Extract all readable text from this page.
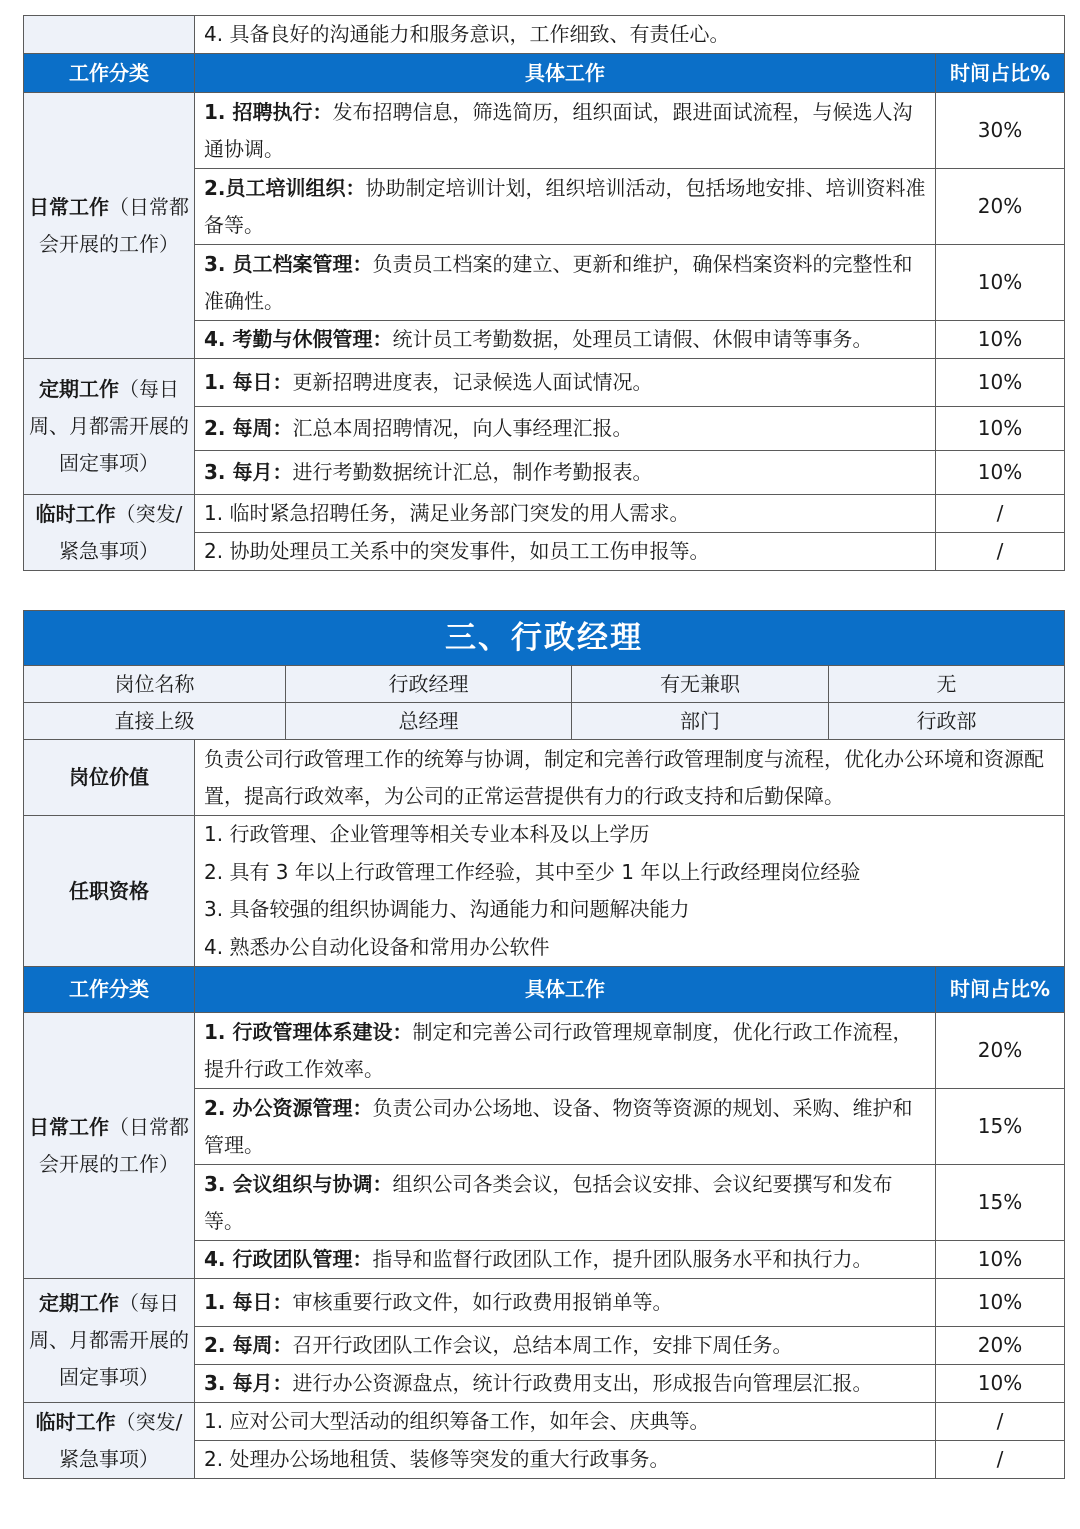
	4. 具备良好的沟通能力和服务意识，工作细致、有责任心。	
工作分类	具体工作	时间占比%
日常工作（日常都会开展的工作）	1. 招聘执行：发布招聘信息，筛选简历，组织面试，跟进面试流程，与候选人沟通协调。	30%
	2.员工培训组织：协助制定培训计划，组织培训活动，包括场地安排、培训资料准备等。	20%
	3. 员工档案管理：负责员工档案的建立、更新和维护，确保档案资料的完整性和准确性。	10%
	4. 考勤与休假管理：统计员工考勤数据，处理员工请假、休假申请等事务。	10%
定期工作（每日周、月都需开展的固定事项）	1. 每日：更新招聘进度表，记录候选人面试情况。	10%
	2. 每周：汇总本周招聘情况，向人事经理汇报。	10%
	3. 每月：进行考勤数据统计汇总，制作考勤报表。	10%
临时工作（突发/紧急事项）	1. 临时紧急招聘任务，满足业务部门突发的用人需求。	/
	2. 协助处理员工关系中的突发事件，如员工工伤申报等。	/
三、行政经理					
岗位名称		行政经理	有无兼职	无	
直接上级		总经理	部门	行政部	
岗位价值	负责公司行政管理工作的统筹与协调，制定和完善行政管理制度与流程，优化办公环境和资源配置，提高行政效率，为公司的正常运营提供有力的行政支持和后勤保障。				
任职资格	1. 行政管理、企业管理等相关专业本科及以上学历
2. 具有 3 年以上行政管理工作经验，其中至少 1 年以上行政经理岗位经验
3. 具备较强的组织协调能力、沟通能力和问题解决能力
4. 熟悉办公自动化设备和常用办公软件				

工作分类	具体工作				时间占比%
日常工作（日常都会开展的工作）	1. 行政管理体系建设：制定和完善公司行政管理规章制度，优化行政工作流程，提升行政工作效率。				20%
	2. 办公资源管理：负责公司办公场地、设备、物资等资源的规划、采购、维护和管理。				15%
	3. 会议组织与协调：组织公司各类会议，包括会议安排、会议纪要撰写和发布等。				15%
	4. 行政团队管理：指导和监督行政团队工作，提升团队服务水平和执行力。				10%
定期工作（每日周、月都需开展的固定事项）	1. 每日：审核重要行政文件，如行政费用报销单等。				10%
	2. 每周：召开行政团队工作会议，总结本周工作，安排下周任务。				20%
	3. 每月：进行办公资源盘点，统计行政费用支出，形成报告向管理层汇报。				10%
临时工作（突发/紧急事项）	1. 应对公司大型活动的组织筹备工作，如年会、庆典等。				/
	2. 处理办公场地租赁、装修等突发的重大行政事务。				/
